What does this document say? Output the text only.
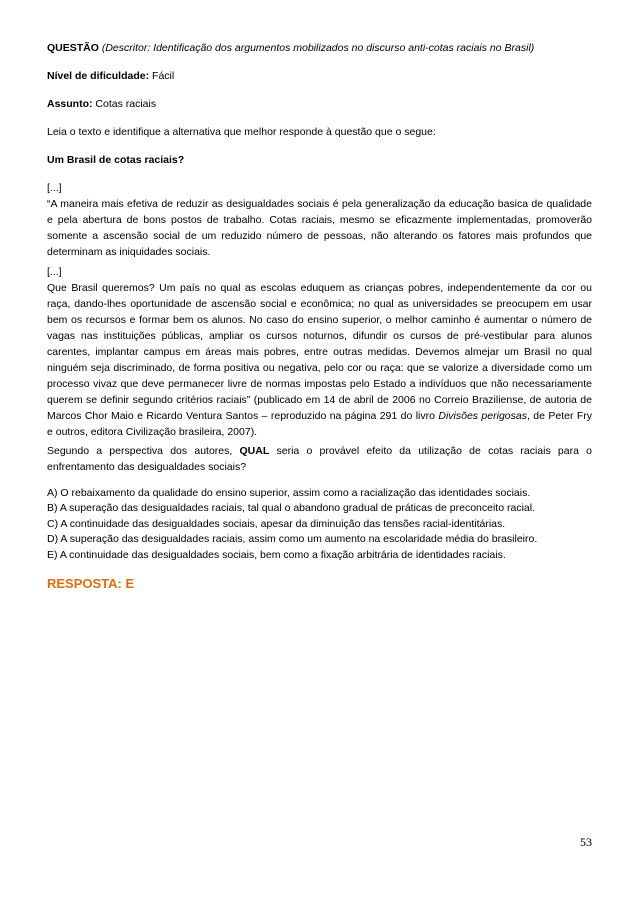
QUESTÃO (Descritor: Identificação dos argumentos mobilizados no discurso anti-cotas raciais no Brasil)
Nível de dificuldade: Fácil
Assunto: Cotas raciais
Leia o texto e identifique a alternativa que melhor responde à questão que o segue:
Um Brasil de cotas raciais?
[...]

“A maneira mais efetiva de reduzir as desigualdades sociais é pela generalização da educação basica de qualidade e pela abertura de bons postos de trabalho. Cotas raciais, mesmo se eficazmente implementadas, promoverão somente a ascensão social de um reduzido número de pessoas, não alterando os fatores mais profundos que determinam as iniquidades sociais.

[...]

Que Brasil queremos? Um país no qual as escolas eduquem as crianças pobres, independentemente da cor ou raça, dando-lhes oportunidade de ascensão social e econômica; no qual as universidades se preocupem em usar bem os recursos e formar bem os alunos. No caso do ensino superior, o melhor caminho é aumentar o número de vagas nas instituições públicas, ampliar os cursos noturnos, difundir os cursos de pré-vestibular para alunos carentes, implantar campus em áreas mais pobres, entre outras medidas. Devemos almejar um Brasil no qual ninguém seja discriminado, de forma positiva ou negativa, pelo cor ou raça: que se valorize a diversidade como um processo vivaz que deve permanecer livre de normas impostas pelo Estado a indivíduos que não necessariamente querem se definir segundo critérios raciais” (publicado em 14 de abril de 2006 no Correio Braziliense, de autoria de Marcos Chor Maio e Ricardo Ventura Santos – reproduzido na página 291 do livro Divisões perigosas, de Peter Fry e outros, editora Civilização brasileira, 2007).

Segundo a perspectiva dos autores, QUAL seria o provável efeito da utilização de cotas raciais para o enfrentamento das desigualdades sociais?

A) O rebaixamento da qualidade do ensino superior, assim como a racialização das identidades sociais.
B) A superação das desigualdades raciais, tal qual o abandono gradual de práticas de preconceito racial.
C) A continuidade das desigualdades sociais, apesar da diminuição das tensões racial-identitárias.
D) A superação das desigualdades raciais, assim como um aumento na escolaridade média do brasileiro.
E) A continuidade das desigualdades sociais, bem como a fixação arbitrária de identidades raciais.
RESPOSTA: E
53
